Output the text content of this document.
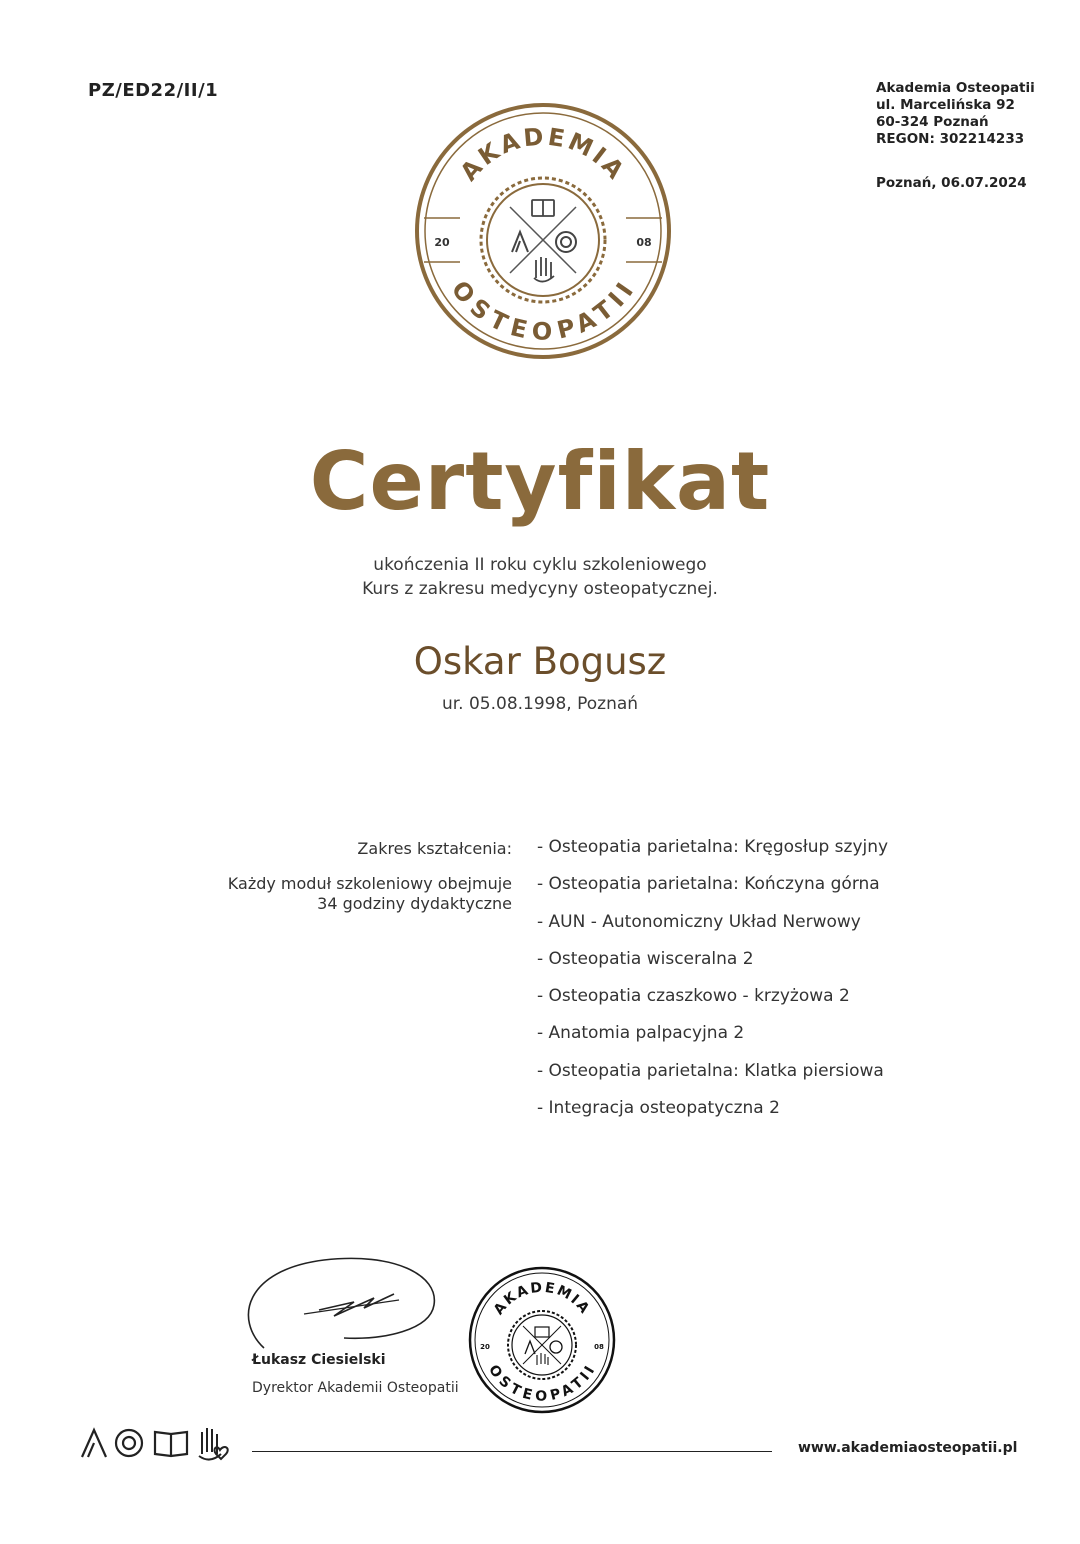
PZ/ED22/II/1	Akademia Osteopatii
ul. Marcelińska 92
60-324 Poznań
REGON: 302214233
Poznań, 06.07.2024
AKADEMIA
OSTEOPATII
20	08
Certyfikat
ukończenia II roku cyklu szkoleniowego
Kurs z zakresu medycyny osteopatycznej.
Oskar Bogusz
ur. 05.08.1998, Poznań
Zakres kształcenia:
Każdy moduł szkoleniowy obejmuje
34 godziny dydaktyczne
- Osteopatia parietalna: Kręgosłup szyjny
- Osteopatia parietalna: Kończyna górna
- AUN - Autonomiczny Układ Nerwowy
- Osteopatia wisceralna 2
- Osteopatia czaszkowo - krzyżowa 2
- Anatomia palpacyjna 2
- Osteopatia parietalna: Klatka piersiowa
- Integracja osteopatyczna 2
Łukasz Ciesielski
Dyrektor Akademii Osteopatii
AKADEMIA
OSTEOPATII
20	08
www.akademiaosteopatii.pl
